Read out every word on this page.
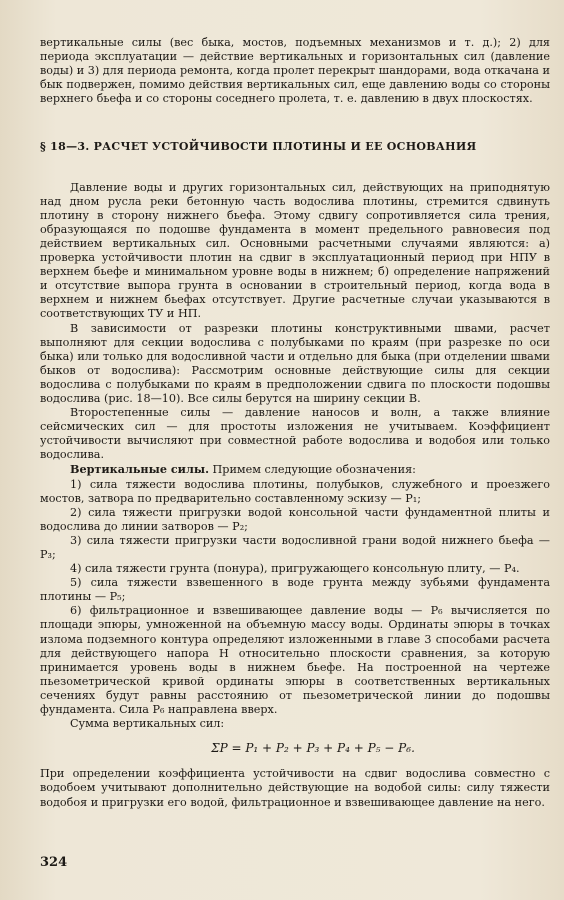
вертикальные силы (вес быка, мостов, подъемных механизмов и т. д.); 2) для периода эксплуатации — действие вертикальных и горизонтальных сил (давление воды) и 3) для периода ремонта, когда пролет перекрыт шандорами, вода откачана и бык подвержен, помимо действия вертикальных сил, еще давлению воды со стороны верхнего бьефа и со стороны соседнего пролета, т. е. давлению в двух плоскостях.

§ 18—3. РАСЧЕТ УСТОЙЧИВОСТИ ПЛОТИНЫ И ЕЕ ОСНОВАНИЯ

Давление воды и других горизонтальных сил, действующих на приподнятую над дном русла реки бетонную часть водослива плотины, стремится сдвинуть плотину в сторону нижнего бьефа. Этому сдвигу сопротивляется сила трения, образующаяся по подошве фундамента в момент предельного равновесия под действием вертикальных сил. Основными расчетными случаями являются: а) проверка устойчивости плотин на сдвиг в эксплуатационный период при НПУ в верхнем бьефе и минимальном уровне воды в нижнем; б) определение напряжений и отсутствие выпора грунта в основании в строительный период, когда вода в верхнем и нижнем бьефах отсутствует. Другие расчетные случаи указываются в соответствующих ТУ и НП.

В зависимости от разрезки плотины конструктивными швами, расчет выполняют для секции водослива с полубыками по краям (при разрезке по оси быка) или только для водосливной части и отдельно для быка (при отделении швами быков от водослива): Рассмотрим основные действующие силы для секции водослива с полубыками по краям в предположении сдвига по плоскости подошвы водослива (рис. 18—10). Все силы берутся на ширину секции B.

Второстепенные силы — давление наносов и волн, а также влияние сейсмических сил — для простоты изложения не учитываем. Коэффициент устойчивости вычисляют при совместной работе водослива и водобоя или только водослива.

Вертикальные силы. Примем следующие обозначения:

1) сила тяжести водослива плотины, полубыков, служебного и проезжего мостов, затвора по предварительно составленному эскизу — P₁;

2) сила тяжести пригрузки водой консольной части фундаментной плиты и водослива до линии затворов — P₂;

3) сила тяжести пригрузки части водосливной грани водой нижнего бьефа — P₃;

4) сила тяжести грунта (понура), пригружающего консольную плиту, — P₄.

5) сила тяжести взвешенного в воде грунта между зубьями фундамента плотины — P₅;

6) фильтрационное и взвешивающее давление воды — P₆ вычисляется по площади эпюры, умноженной на объемную массу воды. Ординаты эпюры в точках излома подземного контура определяют изложенными в главе 3 способами расчета для действующего напора H относительно плоскости сравнения, за которую принимается уровень воды в нижнем бьефе. На построенной на чертеже пьезометрической кривой ординаты эпюры в соответственных вертикальных сечениях будут равны расстоянию от пьезометрической линии до подошвы фундамента. Сила P₆ направлена вверх.

Сумма вертикальных сил:

ΣP = P₁ + P₂ + P₃ + P₄ + P₅ − P₆.

При определении коэффициента устойчивости на сдвиг водослива совместно с водобоем учитывают дополнительно действующие на водобой силы: силу тяжести водобоя и пригрузки его водой, фильтрационное и взвешивающее давление на него.

324
